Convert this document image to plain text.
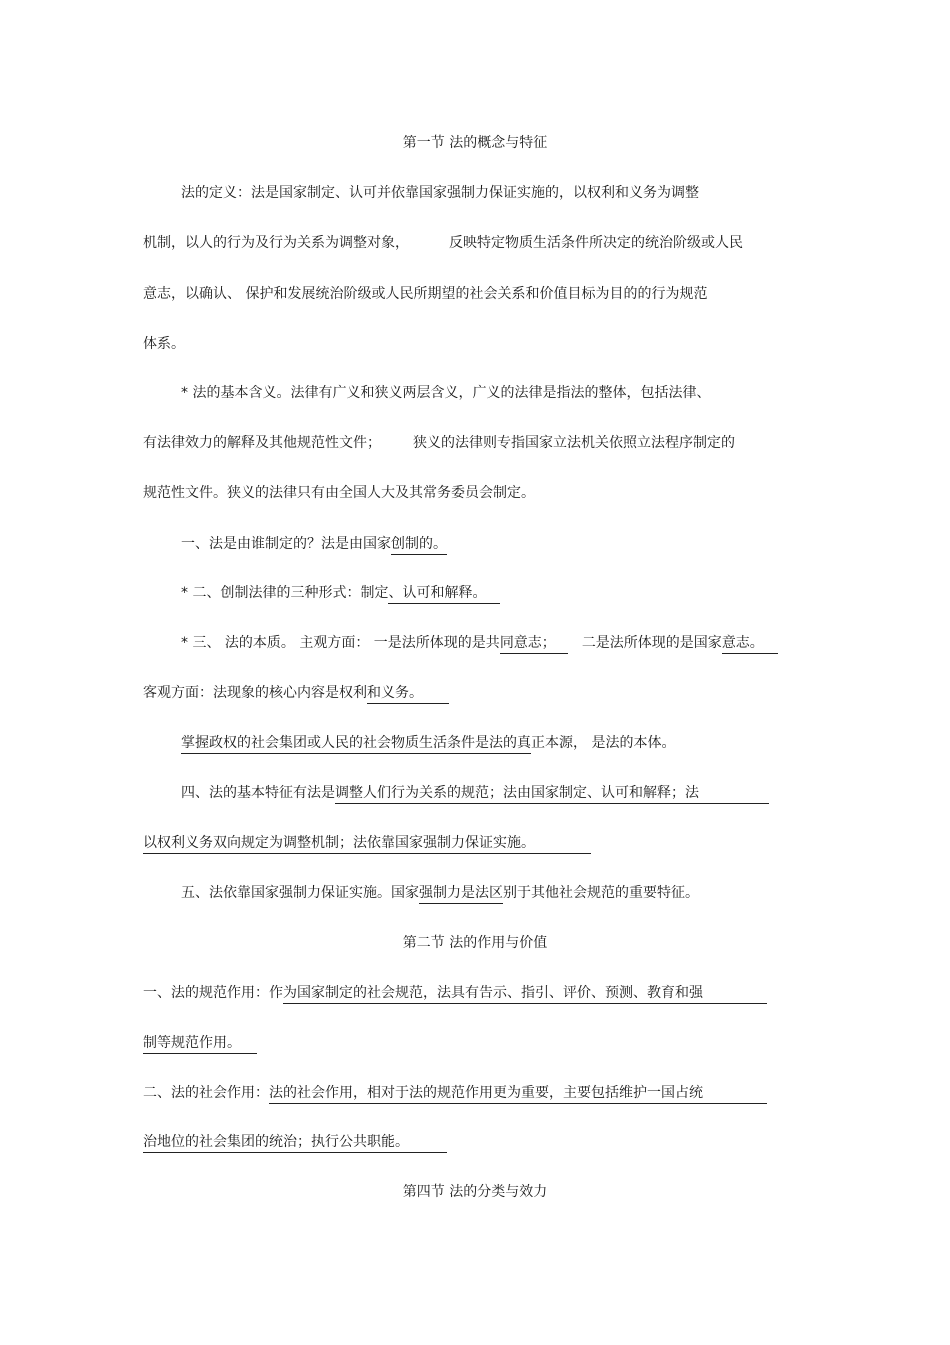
第一节 法的概念与特征
法的定义：法是国家制定、认可并依靠国家强制力保证实施的，以权利和义务为调整
机制，以人的行为及行为关系为调整对象，	反映特定物质生活条件所决定的统治阶级或人民
意志，以确认、 保护和发展统治阶级或人民所期望的社会关系和价值目标为目的的行为规范
体系。
* 法的基本含义。法律有广义和狭义两层含义，广义的法律是指法的整体，包括法律、
有法律效力的解释及其他规范性文件； 狭义的法律则专指国家立法机关依照立法程序制定的
规范性文件。狭义的法律只有由全国人大及其常务委员会制定。
一、法是由谁制定的？法是由国家创制的。
* 二、创制法律的三种形式：制定、认可和解释。
* 三、 法的本质。 主观方面： 一是法所体现的是共同意志； 二是法所体现的是国家意志。
客观方面：法现象的核心内容是权利和义务。
掌握政权的社会集团或人民的社会物质生活条件是法的真正本源， 是法的本体。
四、法的基本特征有法是调整人们行为关系的规范；法由国家制定、认可和解释；法
以权利义务双向规定为调整机制；法依靠国家强制力保证实施。
五、法依靠国家强制力保证实施。国家强制力是法区别于其他社会规范的重要特征。
第二节 法的作用与价值
一、法的规范作用：作为国家制定的社会规范，法具有告示、指引、评价、预测、教育和强
制等规范作用。
二、法的社会作用：法的社会作用，相对于法的规范作用更为重要，主要包括维护一国占统
治地位的社会集团的统治；执行公共职能。
第四节 法的分类与效力
